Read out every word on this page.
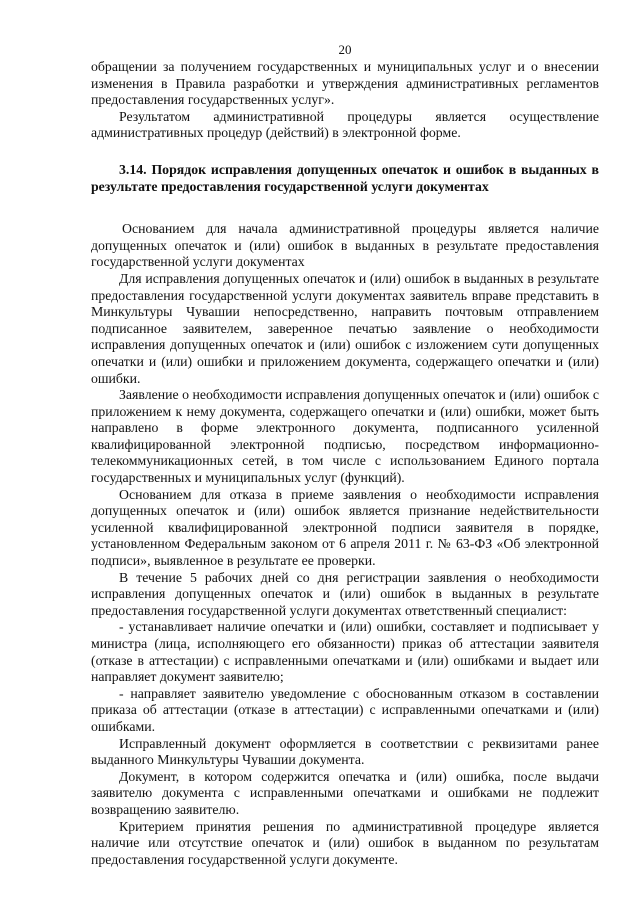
20

обращении за получением государственных и муниципальных услуг и о внесении изменения в Правила разработки и утверждения административных регламентов предоставления государственных услуг».

Результатом административной процедуры является осуществление административных процедур (действий) в электронной форме.

3.14. Порядок исправления допущенных опечаток и ошибок в выданных в результате предоставления государственной услуги документах

Основанием для начала административной процедуры является наличие допущенных опечаток и (или) ошибок в выданных в результате предоставления государственной услуги документах

Для исправления допущенных опечаток и (или) ошибок в выданных в результате предоставления государственной услуги документах заявитель вправе представить в Минкультуры Чувашии непосредственно, направить почтовым отправлением подписанное заявителем, заверенное печатью заявление о необходимости исправления допущенных опечаток и (или) ошибок с изложением сути допущенных опечатки и (или) ошибки и приложением документа, содержащего опечатки и (или) ошибки.

Заявление о необходимости исправления допущенных опечаток и (или) ошибок с приложением к нему документа, содержащего опечатки и (или) ошибки, может быть направлено в форме электронного документа, подписанного усиленной квалифицированной электронной подписью, посредством информационно-телекоммуникационных сетей, в том числе с использованием Единого портала государственных и муниципальных услуг (функций).

Основанием для отказа в приеме заявления о необходимости исправления допущенных опечаток и (или) ошибок является признание недействительности усиленной квалифицированной электронной подписи заявителя в порядке, установленном Федеральным законом от 6 апреля 2011 г. № 63-ФЗ «Об электронной подписи», выявленное в результате ее проверки.

В течение 5 рабочих дней со дня регистрации заявления о необходимости исправления допущенных опечаток и (или) ошибок в выданных в результате предоставления государственной услуги документах ответственный специалист:

- устанавливает наличие опечатки и (или) ошибки, составляет и подписывает у министра (лица, исполняющего его обязанности) приказ об аттестации заявителя (отказе в аттестации) с исправленными опечатками и (или) ошибками и выдает или направляет документ заявителю;

- направляет заявителю уведомление с обоснованным отказом в составлении приказа об аттестации (отказе в аттестации) с исправленными опечатками и (или) ошибками.

Исправленный документ оформляется в соответствии с реквизитами ранее выданного Минкультуры Чувашии документа.

Документ, в котором содержится опечатка и (или) ошибка, после выдачи заявителю документа с исправленными опечатками и ошибками не подлежит возвращению заявителю.

Критерием принятия решения по административной процедуре является наличие или отсутствие опечаток и (или) ошибок в выданном по результатам предоставления государственной услуги документе.
